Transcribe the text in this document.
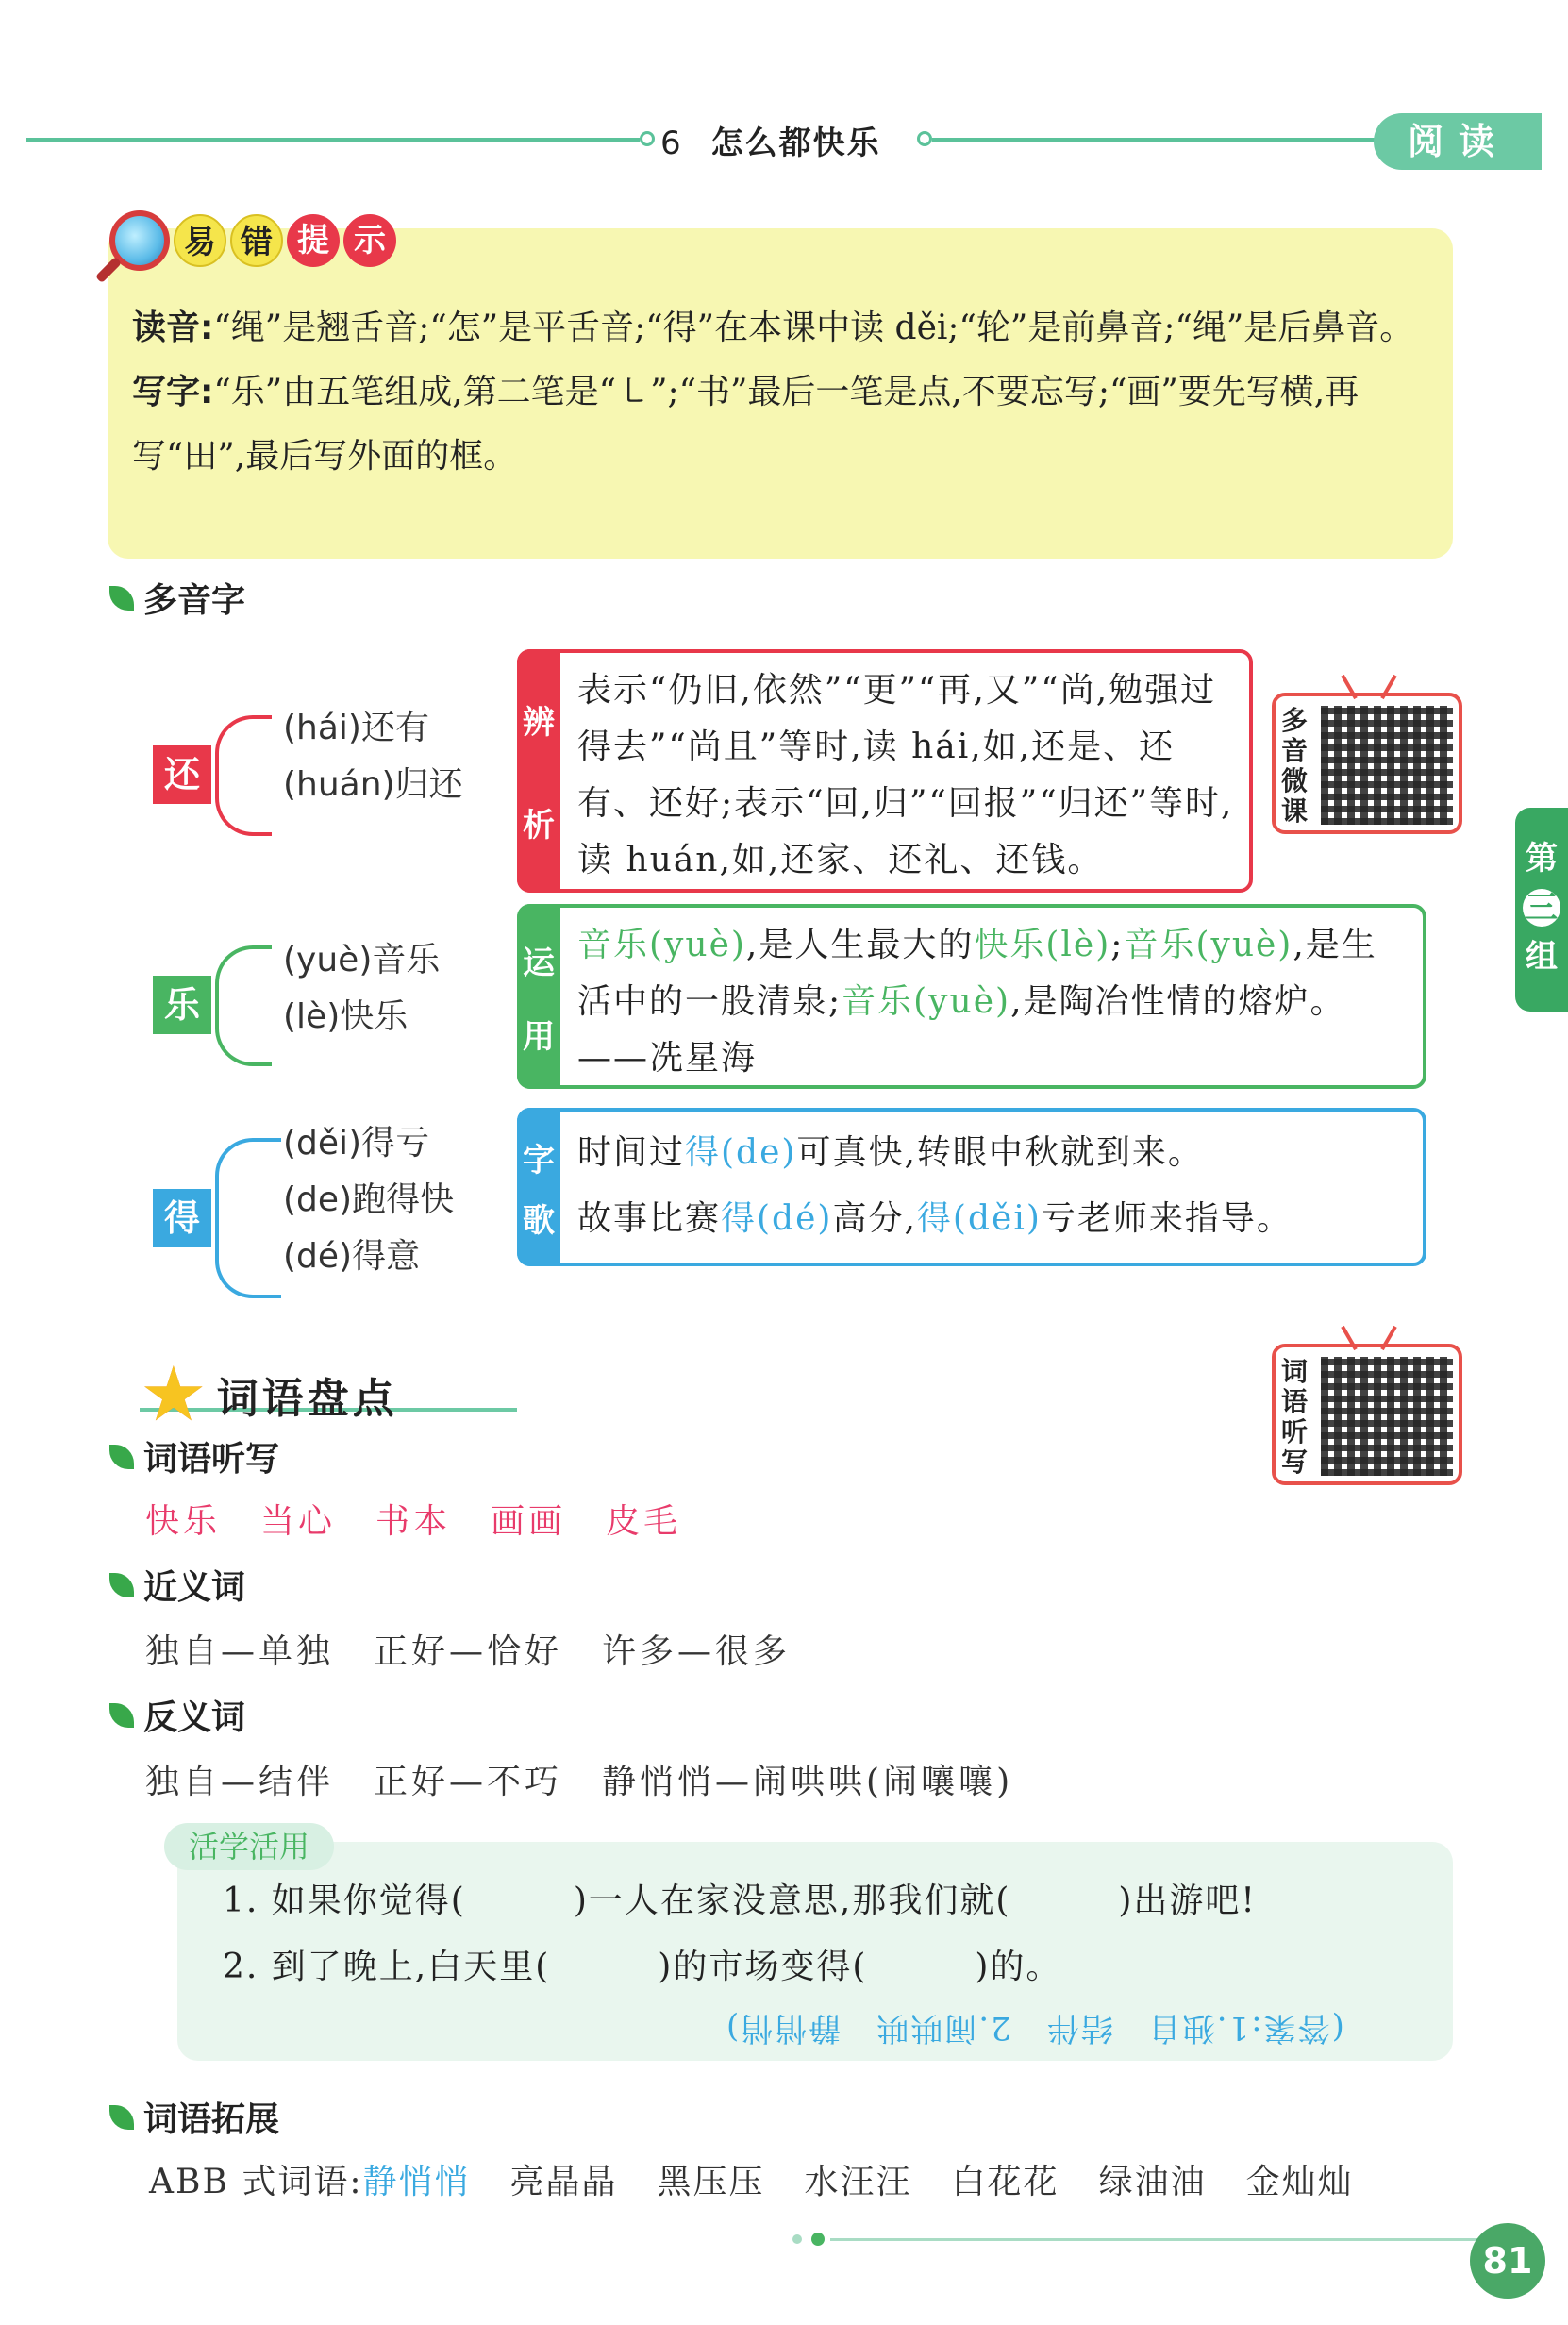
6 怎么都快乐	阅读
读音:“绳”是翘舌音;“怎”是平舌音;“得”在本课中读 děi;“轮”是前鼻音;“绳”是后鼻音。
写字:“乐”由五笔组成,第二笔是“㇄”;“书”最后一笔是点,不要忘写;“画”要先写横,再写“田”,最后写外面的框。
易 错 提 示
多音字
还
(hái)还有
(huán)归还
辨
析
表示“仍旧,依然”“更”“再,又”“尚,勉强过得去”“尚且”等时,读 hái,如,还是、还有、还好;表示“回,归”“回报”“归还”等时,读 huán,如,还家、还礼、还钱。
多
音
微
课
第
三
组
乐
(yuè)音乐
(lè)快乐
运
用
音乐(yuè),是人生最大的快乐(lè);音乐(yuè),是生活中的一股清泉;音乐(yuè),是陶冶性情的熔炉。——冼星海
得
(děi)得亏
(de)跑得快
(dé)得意
字
歌
时间过得(de)可真快,转眼中秋就到来。
故事比赛得(dé)高分,得(děi)亏老师来指导。
★ 词语盘点
词
语
听
写
词语听写
快乐 当心 书本 画画 皮毛
近义词
独自—单独 正好—恰好 许多—很多
反义词
独自—结伴 正好—不巧 静悄悄—闹哄哄(闹嚷嚷)
活学活用
1. 如果你觉得(　　　)一人在家没意思,那我们就(　　　)出游吧!
2. 到了晚上,白天里(　　　)的市场变得(　　　)的。
(答案:1.独自　结伴　2.闹哄哄　静悄悄)
词语拓展
ABB 式词语:静悄悄 亮晶晶 黑压压 水汪汪 白花花 绿油油 金灿灿
81
